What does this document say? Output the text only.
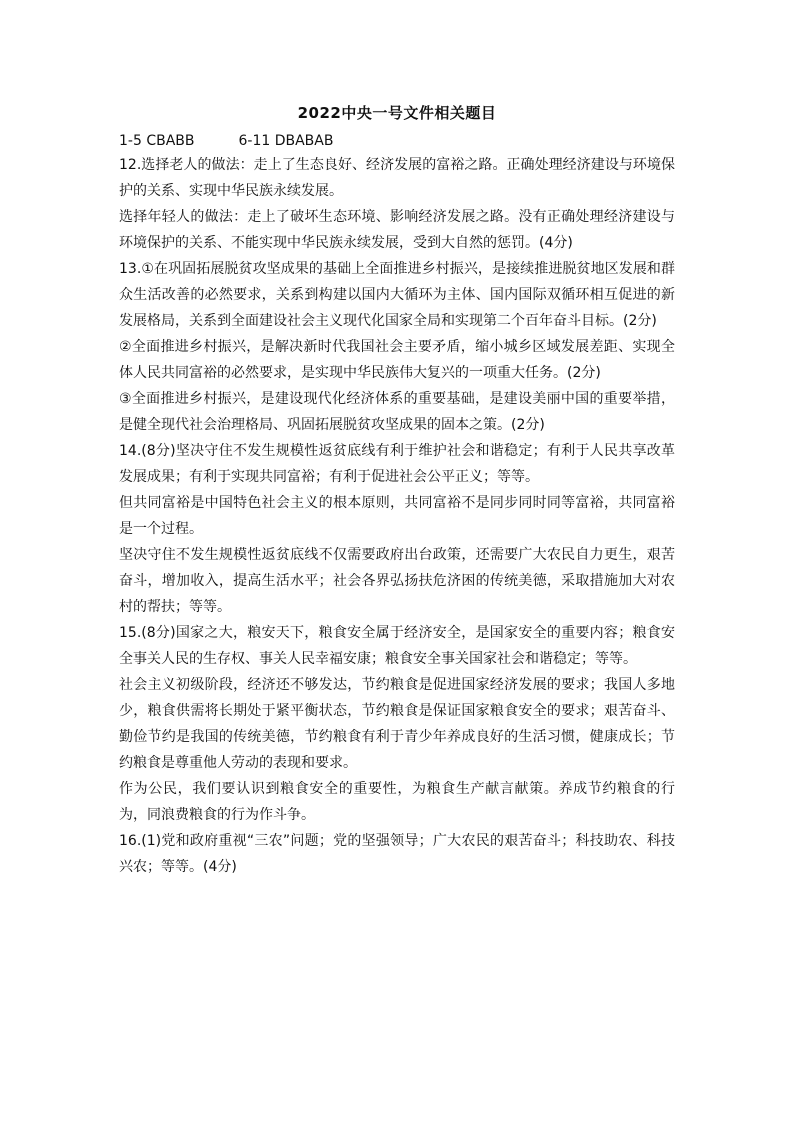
2022中央一号文件相关题目
1-5 CBABB	6-11 DBABAB

12.选择老人的做法：走上了生态良好、经济发展的富裕之路。正确处理经济建设与环境保护的关系、实现中华民族永续发展。

选择年轻人的做法：走上了破坏生态环境、影响经济发展之路。没有正确处理经济建设与环境保护的关系、不能实现中华民族永续发展，受到大自然的惩罚。(4分)

13.①在巩固拓展脱贫攻坚成果的基础上全面推进乡村振兴，是接续推进脱贫地区发展和群众生活改善的必然要求，关系到构建以国内大循环为主体、国内国际双循环相互促进的新发展格局，关系到全面建设社会主义现代化国家全局和实现第二个百年奋斗目标。(2分)

②全面推进乡村振兴，是解决新时代我国社会主要矛盾，缩小城乡区域发展差距、实现全体人民共同富裕的必然要求，是实现中华民族伟大复兴的一项重大任务。(2分)

③全面推进乡村振兴，是建设现代化经济体系的重要基础，是建设美丽中国的重要举措，是健全现代社会治理格局、巩固拓展脱贫攻坚成果的固本之策。(2分)

14.(8分)坚决守住不发生规模性返贫底线有利于维护社会和谐稳定；有利于人民共享改革发展成果；有利于实现共同富裕；有利于促进社会公平正义；等等。

但共同富裕是中国特色社会主义的根本原则，共同富裕不是同步同时同等富裕，共同富裕是一个过程。

坚决守住不发生规模性返贫底线不仅需要政府出台政策，还需要广大农民自力更生，艰苦奋斗，增加收入，提高生活水平；社会各界弘扬扶危济困的传统美德，采取措施加大对农村的帮扶；等等。

15.(8分)国家之大，粮安天下，粮食安全属于经济安全，是国家安全的重要内容；粮食安全事关人民的生存权、事关人民幸福安康；粮食安全事关国家社会和谐稳定；等等。

社会主义初级阶段，经济还不够发达，节约粮食是促进国家经济发展的要求；我国人多地少，粮食供需将长期处于紧平衡状态，节约粮食是保证国家粮食安全的要求；艰苦奋斗、勤俭节约是我国的传统美德，节约粮食有利于青少年养成良好的生活习惯，健康成长；节约粮食是尊重他人劳动的表现和要求。

作为公民，我们要认识到粮食安全的重要性，为粮食生产献言献策。养成节约粮食的行为，同浪费粮食的行为作斗争。

16.(1)党和政府重视“三农”问题；党的坚强领导；广大农民的艰苦奋斗；科技助农、科技兴农；等等。(4分)
